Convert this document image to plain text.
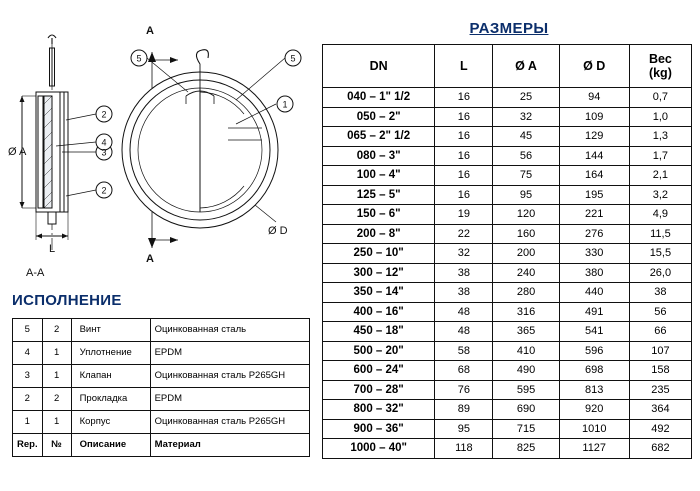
2
2
3
4
1
5	5
A
A
Ø A
Ø D
L
A-A
ИСПОЛНЕНИЕ
5	2	Винт	Оцинкованная сталь
4	1	Уплотнение	EPDM
3	1	Клапан	Оцинкованная сталь P265GH
2	2	Прокладка	EPDM
1	1	Корпус	Оцинкованная сталь P265GH
Rep.	№	Описание	Материал
РАЗМЕРЫ
DN	L	Ø A	Ø D	Вес
(kg)
040 – 1" 1/2	16	25	94	0,7
050 – 2"	16	32	109	1,0
065 – 2" 1/2	16	45	129	1,3
080 – 3"	16	56	144	1,7
100 – 4"	16	75	164	2,1
125 – 5"	16	95	195	3,2
150 – 6"	19	120	221	4,9
200 – 8"	22	160	276	11,5
250 – 10"	32	200	330	15,5
300 – 12"	38	240	380	26,0
350 – 14"	38	280	440	38
400 – 16"	48	316	491	56
450 – 18"	48	365	541	66
500 – 20"	58	410	596	107
600 – 24"	68	490	698	158
700 – 28"	76	595	813	235
800 – 32"	89	690	920	364
900 – 36"	95	715	1010	492
1000 – 40"	118	825	1127	682
